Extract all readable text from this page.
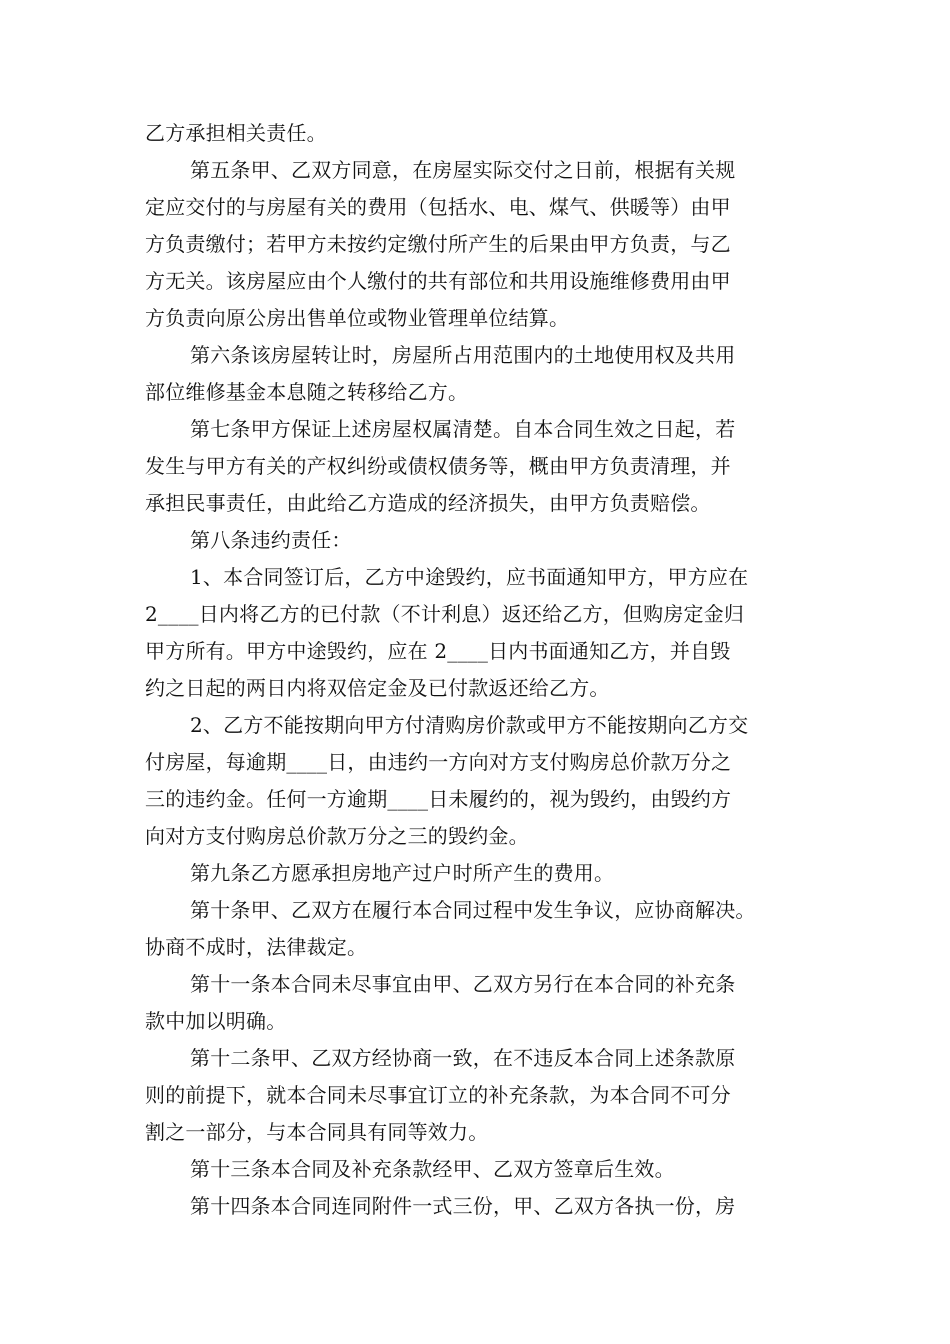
乙方承担相关责任。

第五条甲、乙双方同意，在房屋实际交付之日前，根据有关规

定应交付的与房屋有关的费用（包括水、电、煤气、供暖等）由甲

方负责缴付；若甲方未按约定缴付所产生的后果由甲方负责，与乙

方无关。该房屋应由个人缴付的共有部位和共用设施维修费用由甲

方负责向原公房出售单位或物业管理单位结算。

第六条该房屋转让时，房屋所占用范围内的土地使用权及共用

部位维修基金本息随之转移给乙方。

第七条甲方保证上述房屋权属清楚。自本合同生效之日起，若

发生与甲方有关的产权纠纷或债权债务等，概由甲方负责清理，并

承担民事责任，由此给乙方造成的经济损失，由甲方负责赔偿。

第八条违约责任：

1、本合同签订后，乙方中途毁约，应书面通知甲方，甲方应在

2____日内将乙方的已付款（不计利息）返还给乙方，但购房定金归

甲方所有。甲方中途毁约，应在 2____日内书面通知乙方，并自毁

约之日起的两日内将双倍定金及已付款返还给乙方。

2、乙方不能按期向甲方付清购房价款或甲方不能按期向乙方交

付房屋，每逾期____日，由违约一方向对方支付购房总价款万分之

三的违约金。任何一方逾期____日未履约的，视为毁约，由毁约方

向对方支付购房总价款万分之三的毁约金。

第九条乙方愿承担房地产过户时所产生的费用。

第十条甲、乙双方在履行本合同过程中发生争议，应协商解决。

协商不成时，法律裁定。

第十一条本合同未尽事宜由甲、乙双方另行在本合同的补充条

款中加以明确。

第十二条甲、乙双方经协商一致，在不违反本合同上述条款原

则的前提下，就本合同未尽事宜订立的补充条款，为本合同不可分

割之一部分，与本合同具有同等效力。

第十三条本合同及补充条款经甲、乙双方签章后生效。

第十四条本合同连同附件一式三份，甲、乙双方各执一份，房
